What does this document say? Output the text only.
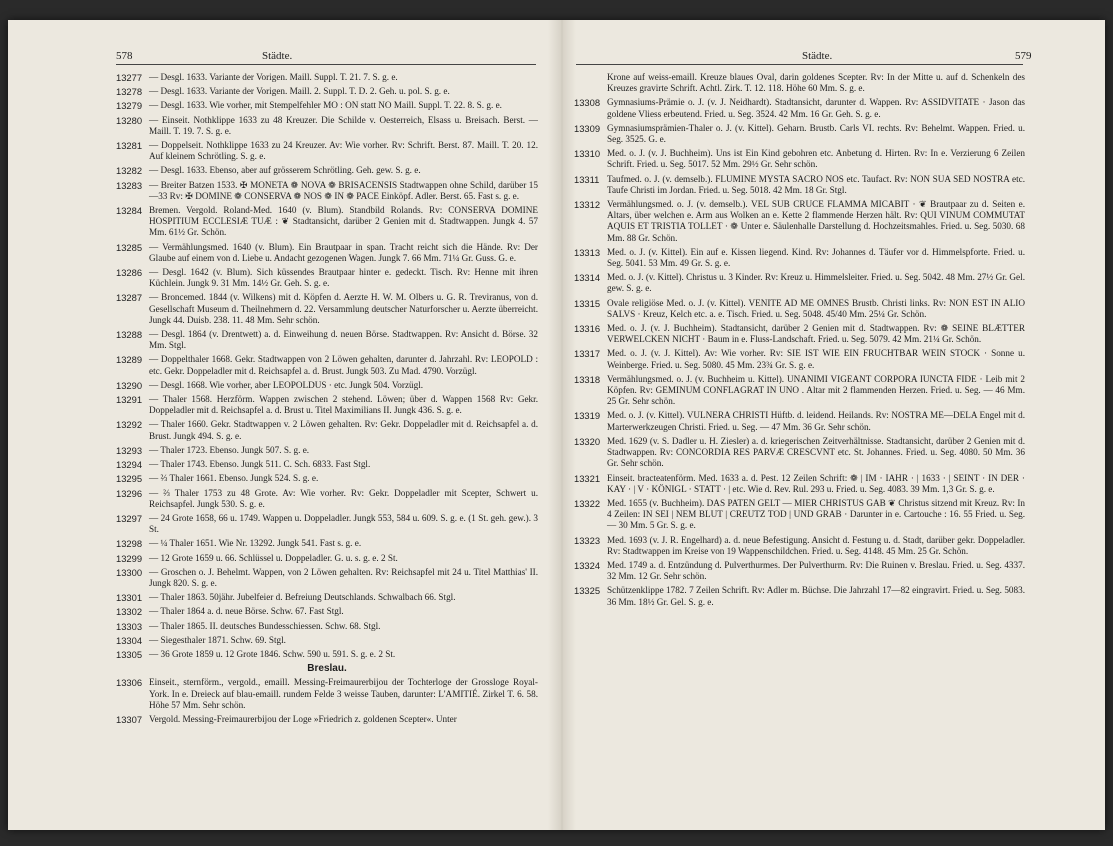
578	Städte.
13277 — Desgl. 1633. Variante der Vorigen. Maill. Suppl. T. 21. 7. S. g. e.
13278 — Desgl. 1633. Variante der Vorigen. Maill. 2. Suppl. T. D. 2. Geh. u. pol. S. g. e.
13279 — Desgl. 1633. Wie vorher, mit Stempelfehler MO : ON statt NO Maill. Suppl. T. 22. 8. S. g. e.
13280 — Einseit. Nothklippe 1633 zu 48 Kreuzer. Die Schilde v. Oesterreich, Elsass u. Breisach. Berst. — Maill. T. 19. 7. S. g. e.
13281 — Doppelseit. Nothklippe 1633 zu 24 Kreuzer. Av: Wie vorher. Rv: Schrift. Berst. 87. Maill. T. 20. 12. Auf kleinem Schrötling. S. g. e.
13282 — Desgl. 1633. Ebenso, aber auf grösserem Schrötling. Geh. gew. S. g. e.
13283 — Breiter Batzen 1533. ✠ MONETA ❁ NOVA ❁ BRISACENSIS Stadtwappen ohne Schild, darüber 15—33 Rv: ✠ DOMINE ❁ CONSERVA ❁ NOS ❁ IN ❁ PACE Einköpf. Adler. Berst. 65. Fast s. g. e.
13284 Bremen. Vergold. Roland-Med. 1640 (v. Blum). Standbild Rolands. Rv: CONSERVA DOMINE HOSPITIUM ECCLESIÆ TUÆ : ❦ Stadtansicht, darüber 2 Genien mit d. Stadtwappen. Jungk 4. 57 Mm. 61½ Gr. Schön.
13285 — Vermählungsmed. 1640 (v. Blum). Ein Brautpaar in span. Tracht reicht sich die Hände. Rv: Der Glaube auf einem von d. Liebe u. Andacht gezogenen Wagen. Jungk 7. 66 Mm. 71¼ Gr. Guss. G. e.
13286 — Desgl. 1642 (v. Blum). Sich küssendes Brautpaar hinter e. gedeckt. Tisch. Rv: Henne mit ihren Küchlein. Jungk 9. 31 Mm. 14½ Gr. Geh. S. g. e.
13287 — Broncemed. 1844 (v. Wilkens) mit d. Köpfen d. Aerzte H. W. M. Olbers u. G. R. Treviranus, von d. Gesellschaft Museum d. Theilnehmern d. 22. Versammlung deutscher Naturforscher u. Aerzte überreicht. Jungk 44. Duisb. 238. 11. 48 Mm. Sehr schön.
13288 — Desgl. 1864 (v. Drentwett) a. d. Einweihung d. neuen Börse. Stadtwappen. Rv: Ansicht d. Börse. 32 Mm. Stgl.
13289 — Doppelthaler 1668. Gekr. Stadtwappen von 2 Löwen gehalten, darunter d. Jahrzahl. Rv: LEOPOLD : etc. Gekr. Doppeladler mit d. Reichsapfel a. d. Brust. Jungk 503. Zu Mad. 4790. Vorzügl.
13290 — Desgl. 1668. Wie vorher, aber LEOPOLDUS · etc. Jungk 504. Vorzügl.
13291 — Thaler 1568. Herzförm. Wappen zwischen 2 stehend. Löwen; über d. Wappen 1568 Rv: Gekr. Doppeladler mit d. Reichsapfel a. d. Brust u. Titel Maximilians II. Jungk 436. S. g. e.
13292 — Thaler 1660. Gekr. Stadtwappen v. 2 Löwen gehalten. Rv: Gekr. Doppeladler mit d. Reichsapfel a. d. Brust. Jungk 494. S. g. e.
13293 — Thaler 1723. Ebenso. Jungk 507. S. g. e.
13294 — Thaler 1743. Ebenso. Jungk 511. C. Sch. 6833. Fast Stgl.
13295 — ⅔ Thaler 1661. Ebenso. Jungk 524. S. g. e.
13296 — ⅔ Thaler 1753 zu 48 Grote. Av: Wie vorher. Rv: Gekr. Doppeladler mit Scepter, Schwert u. Reichsapfel. Jungk 530. S. g. e.
13297 — 24 Grote 1658, 66 u. 1749. Wappen u. Doppeladler. Jungk 553, 584 u. 609. S. g. e. (1 St. geh. gew.). 3 St.
13298 — ¼ Thaler 1651. Wie Nr. 13292. Jungk 541. Fast s. g. e.
13299 — 12 Grote 1659 u. 66. Schlüssel u. Doppeladler. G. u. s. g. e. 2 St.
13300 — Groschen o. J. Behelmt. Wappen, von 2 Löwen gehalten. Rv: Reichsapfel mit 24 u. Titel Matthias' II. Jungk 820. S. g. e.
13301 — Thaler 1863. 50jähr. Jubelfeier d. Befreiung Deutschlands. Schwalbach 66. Stgl.
13302 — Thaler 1864 a. d. neue Börse. Schw. 67. Fast Stgl.
13303 — Thaler 1865. II. deutsches Bundesschiessen. Schw. 68. Stgl.
13304 — Siegesthaler 1871. Schw. 69. Stgl.
13305 — 36 Grote 1859 u. 12 Grote 1846. Schw. 590 u. 591. S. g. e. 2 St.
Breslau.
13306 Einseit., sternförm., vergold., emaill. Messing-Freimaurerbijou der Tochterloge der Grossloge Royal-York. In e. Dreieck auf blau-emaill. rundem Felde 3 weisse Tauben, darunter: L'AMITIÉ. Zirkel T. 6. 58. Höhe 57 Mm. Sehr schön.
13307 Vergold. Messing-Freimaurerbijou der Loge »Friedrich z. goldenen Scepter«. Unter
Städte.	579
Krone auf weiss-emaill. Kreuze blaues Oval, darin goldenes Scepter. Rv: In der Mitte u. auf d. Schenkeln des Kreuzes gravirte Schrift. Achtl. Zirk. T. 12. 118. Höhe 60 Mm. S. g. e.
13308 Gymnasiums-Prämie o. J. (v. J. Neidhardt). Stadtansicht, darunter d. Wappen. Rv: ASSIDVITATE · Jason das goldene Vliess erbeutend. Fried. u. Seg. 3524. 42 Mm. 16 Gr. Geh. S. g. e.
13309 Gymnasiumsprämien-Thaler o. J. (v. Kittel). Geharn. Brustb. Carls VI. rechts. Rv: Behelmt. Wappen. Fried. u. Seg. 3525. G. e.
13310 Med. o. J. (v. J. Buchheim). Uns ist Ein Kind gebohren etc. Anbetung d. Hirten. Rv: In e. Verzierung 6 Zeilen Schrift. Fried. u. Seg. 5017. 52 Mm. 29½ Gr. Sehr schön.
13311 Taufmed. o. J. (v. demselb.). FLUMINE MYSTA SACRO NOS etc. Taufact. Rv: NON SUA SED NOSTRA etc. Taufe Christi im Jordan. Fried. u. Seg. 5018. 42 Mm. 18 Gr. Stgl.
13312 Vermählungsmed. o. J. (v. demselb.). VEL SUB CRUCE FLAMMA MICABIT · ❦ Brautpaar zu d. Seiten e. Altars, über welchen e. Arm aus Wolken an e. Kette 2 flammende Herzen hält. Rv: QUI VINUM COMMUTAT AQUIS ET TRISTIA TOLLET · ❁ Unter e. Säulenhalle Darstellung d. Hochzeitsmahles. Fried. u. Seg. 5030. 68 Mm. 88 Gr. Schön.
13313 Med. o. J. (v. Kittel). Ein auf e. Kissen liegend. Kind. Rv: Johannes d. Täufer vor d. Himmelspforte. Fried. u. Seg. 5041. 53 Mm. 49 Gr. S. g. e.
13314 Med. o. J. (v. Kittel). Christus u. 3 Kinder. Rv: Kreuz u. Himmelsleiter. Fried. u. Seg. 5042. 48 Mm. 27½ Gr. Gel. gew. S. g. e.
13315 Ovale religiöse Med. o. J. (v. Kittel). VENITE AD ME OMNES Brustb. Christi links. Rv: NON EST IN ALIO SALVS · Kreuz, Kelch etc. a. e. Tisch. Fried. u. Seg. 5048. 45/40 Mm. 25¼ Gr. Schön.
13316 Med. o. J. (v. J. Buchheim). Stadtansicht, darüber 2 Genien mit d. Stadtwappen. Rv: ❁ SEINE BLÆTTER VERWELCKEN NICHT · Baum in e. Fluss-Landschaft. Fried. u. Seg. 5079. 42 Mm. 21¼ Gr. Schön.
13317 Med. o. J. (v. J. Kittel). Av: Wie vorher. Rv: SIE IST WIE EIN FRUCHTBAR WEIN STOCK · Sonne u. Weinberge. Fried. u. Seg. 5080. 45 Mm. 23¾ Gr. S. g. e.
13318 Vermählungsmed. o. J. (v. Buchheim u. Kittel). UNANIMI VIGEANT CORPORA IUNCTA FIDE · Leib mit 2 Köpfen. Rv: GEMINUM CONFLAGRAT IN UNO . Altar mit 2 flammenden Herzen. Fried. u. Seg. — 46 Mm. 25 Gr. Sehr schön.
13319 Med. o. J. (v. Kittel). VULNERA CHRISTI Hüftb. d. leidend. Heilands. Rv: NOSTRA ME—DELA Engel mit d. Marterwerkzeugen Christi. Fried. u. Seg. — 47 Mm. 36 Gr. Sehr schön.
13320 Med. 1629 (v. S. Dadler u. H. Ziesler) a. d. kriegerischen Zeitverhältnisse. Stadtansicht, darüber 2 Genien mit d. Stadtwappen. Rv: CONCORDIA RES PARVÆ CRESCVNT etc. St. Johannes. Fried. u. Seg. 4080. 50 Mm. 36 Gr. Sehr schön.
13321 Einseit. bracteatenförm. Med. 1633 a. d. Pest. 12 Zeilen Schrift: ❁ | IM · IAHR · | 1633 · | SEINT · IN DER · KAY · | V · KÖNIGL · STATT · | etc. Wie d. Rev. Rul. 293 u. Fried. u. Seg. 4083. 39 Mm. 1,3 Gr. S. g. e.
13322 Med. 1655 (v. Buchheim). DAS PATEN GELT — MIER CHRISTUS GAB ❦ Christus sitzend mit Kreuz. Rv: In 4 Zeilen: IN SEI | NEM BLUT | CREUTZ TOD | UND GRAB · Darunter in e. Cartouche : 16. 55 Fried. u. Seg. — 30 Mm. 5 Gr. S. g. e.
13323 Med. 1693 (v. J. R. Engelhard) a. d. neue Befestigung. Ansicht d. Festung u. d. Stadt, darüber gekr. Doppeladler. Rv: Stadtwappen im Kreise von 19 Wappenschildchen. Fried. u. Seg. 4148. 45 Mm. 25 Gr. Schön.
13324 Med. 1749 a. d. Entzündung d. Pulverthurmes. Der Pulverthurm. Rv: Die Ruinen v. Breslau. Fried. u. Seg. 4337. 32 Mm. 12 Gr. Sehr schön.
13325 Schützenklippe 1782. 7 Zeilen Schrift. Rv: Adler m. Büchse. Die Jahrzahl 17—82 eingravirt. Fried. u. Seg. 5083. 36 Mm. 18½ Gr. Gel. S. g. e.
